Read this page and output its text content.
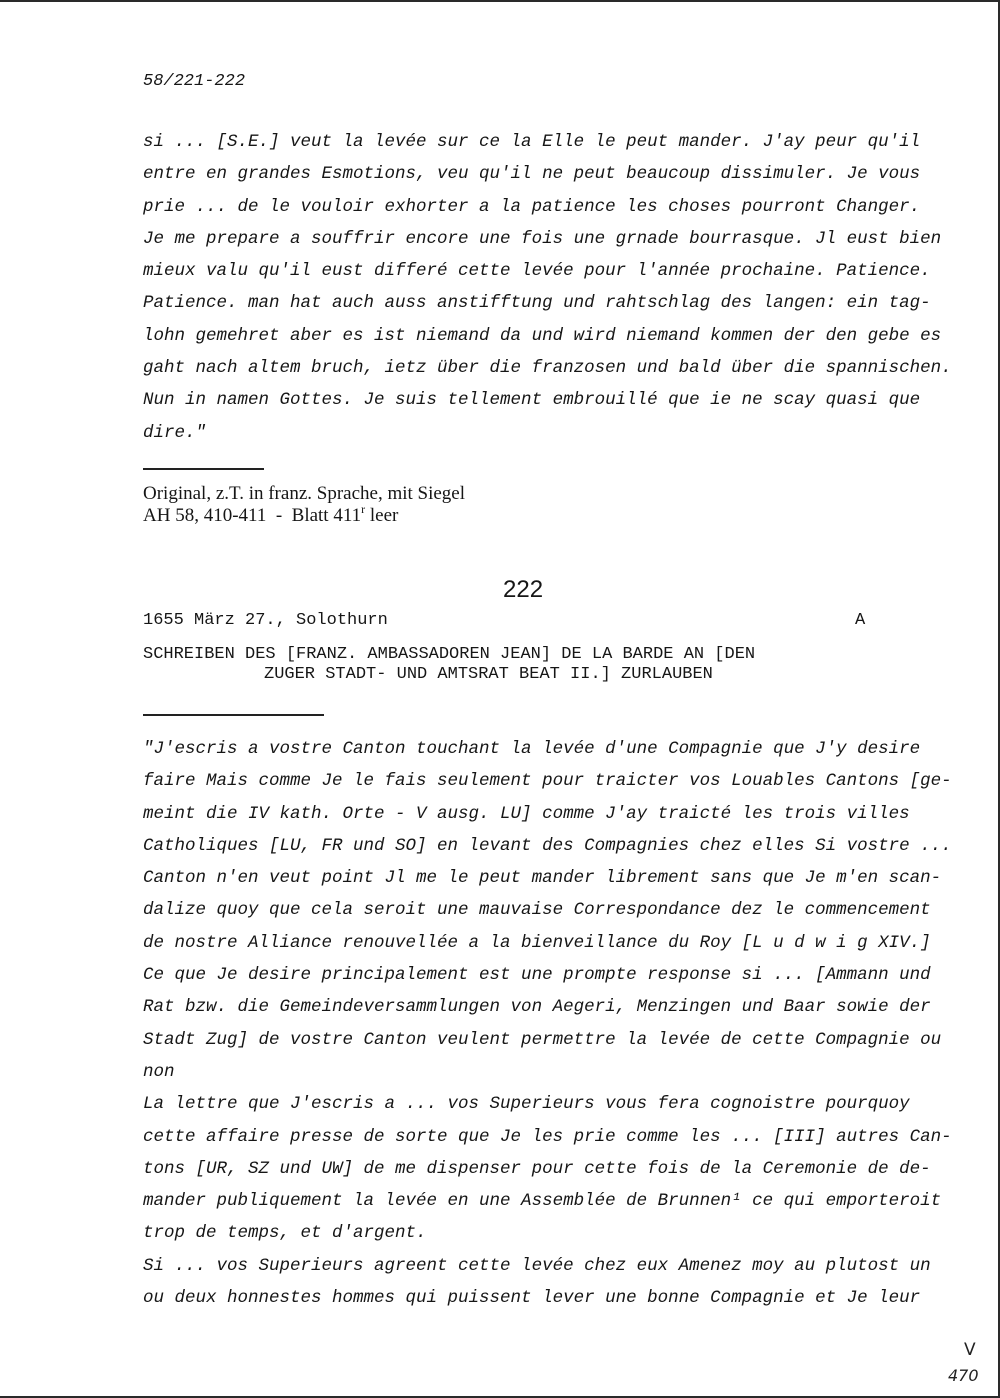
58/221-222
si ... [S.E.] veut la levée sur ce la Elle le peut mander. J'ay peur qu'il
entre en grandes Esmotions, veu qu'il ne peut beaucoup dissimuler. Je vous
prie ... de le vouloir exhorter a la patience les choses pourront Changer.
Je me prepare a souffrir encore une fois une grnade bourrasque. Jl eust bien
mieux valu qu'il eust differé cette levée pour l'année prochaine. Patience.
Patience. man hat auch auss anstifftung und rahtschlag des langen: ein tag-
lohn gemehret aber es ist niemand da und wird niemand kommen der den gebe es
gaht nach altem bruch, ietz über die franzosen und bald über die spannischen.
Nun in namen Gottes. Je suis tellement embrouillé que ie ne scay quasi que
dire."
Original, z.T. in franz. Sprache, mit Siegel
AH 58, 410-411  -  Blatt 411$^r$ leer
222
1655 März 27., Solothurn	A
SCHREIBEN DES [FRANZ. AMBASSADOREN JEAN] DE LA BARDE AN [DEN
ZUGER STADT- UND AMTSRAT BEAT II.] ZURLAUBEN
"J'escris a vostre Canton touchant la levée d'une Compagnie que J'y desire
faire Mais comme Je le fais seulement pour traicter vos Louables Cantons [ge-
meint die IV kath. Orte - V ausg. LU] comme J'ay traicté les trois villes
Catholiques [LU, FR und SO] en levant des Compagnies chez elles Si vostre ...
Canton n'en veut point Jl me le peut mander librement sans que Je m'en scan-
dalize quoy que cela seroit une mauvaise Correspondance dez le commencement
de nostre Alliance renouvellée a la bienveillance du Roy [L u d w i g XIV.]
Ce que Je desire principalement est une prompte response si ... [Ammann und
Rat bzw. die Gemeindeversammlungen von Aegeri, Menzingen und Baar sowie der
Stadt Zug] de vostre Canton veulent permettre la levée de cette Compagnie ou
non
La lettre que J'escris a ... vos Superieurs vous fera cognoistre pourquoy
cette affaire presse de sorte que Je les prie comme les ... [III] autres Can-
tons [UR, SZ und UW] de me dispenser pour cette fois de la Ceremonie de de-
mander publiquement la levée en une Assemblée de Brunnen¹ ce qui emporteroit
trop de temps, et d'argent.
Si ... vos Superieurs agreent cette levée chez eux Amenez moy au plutost un
ou deux honnestes hommes qui puissent lever une bonne Compagnie et Je leur
V
470
